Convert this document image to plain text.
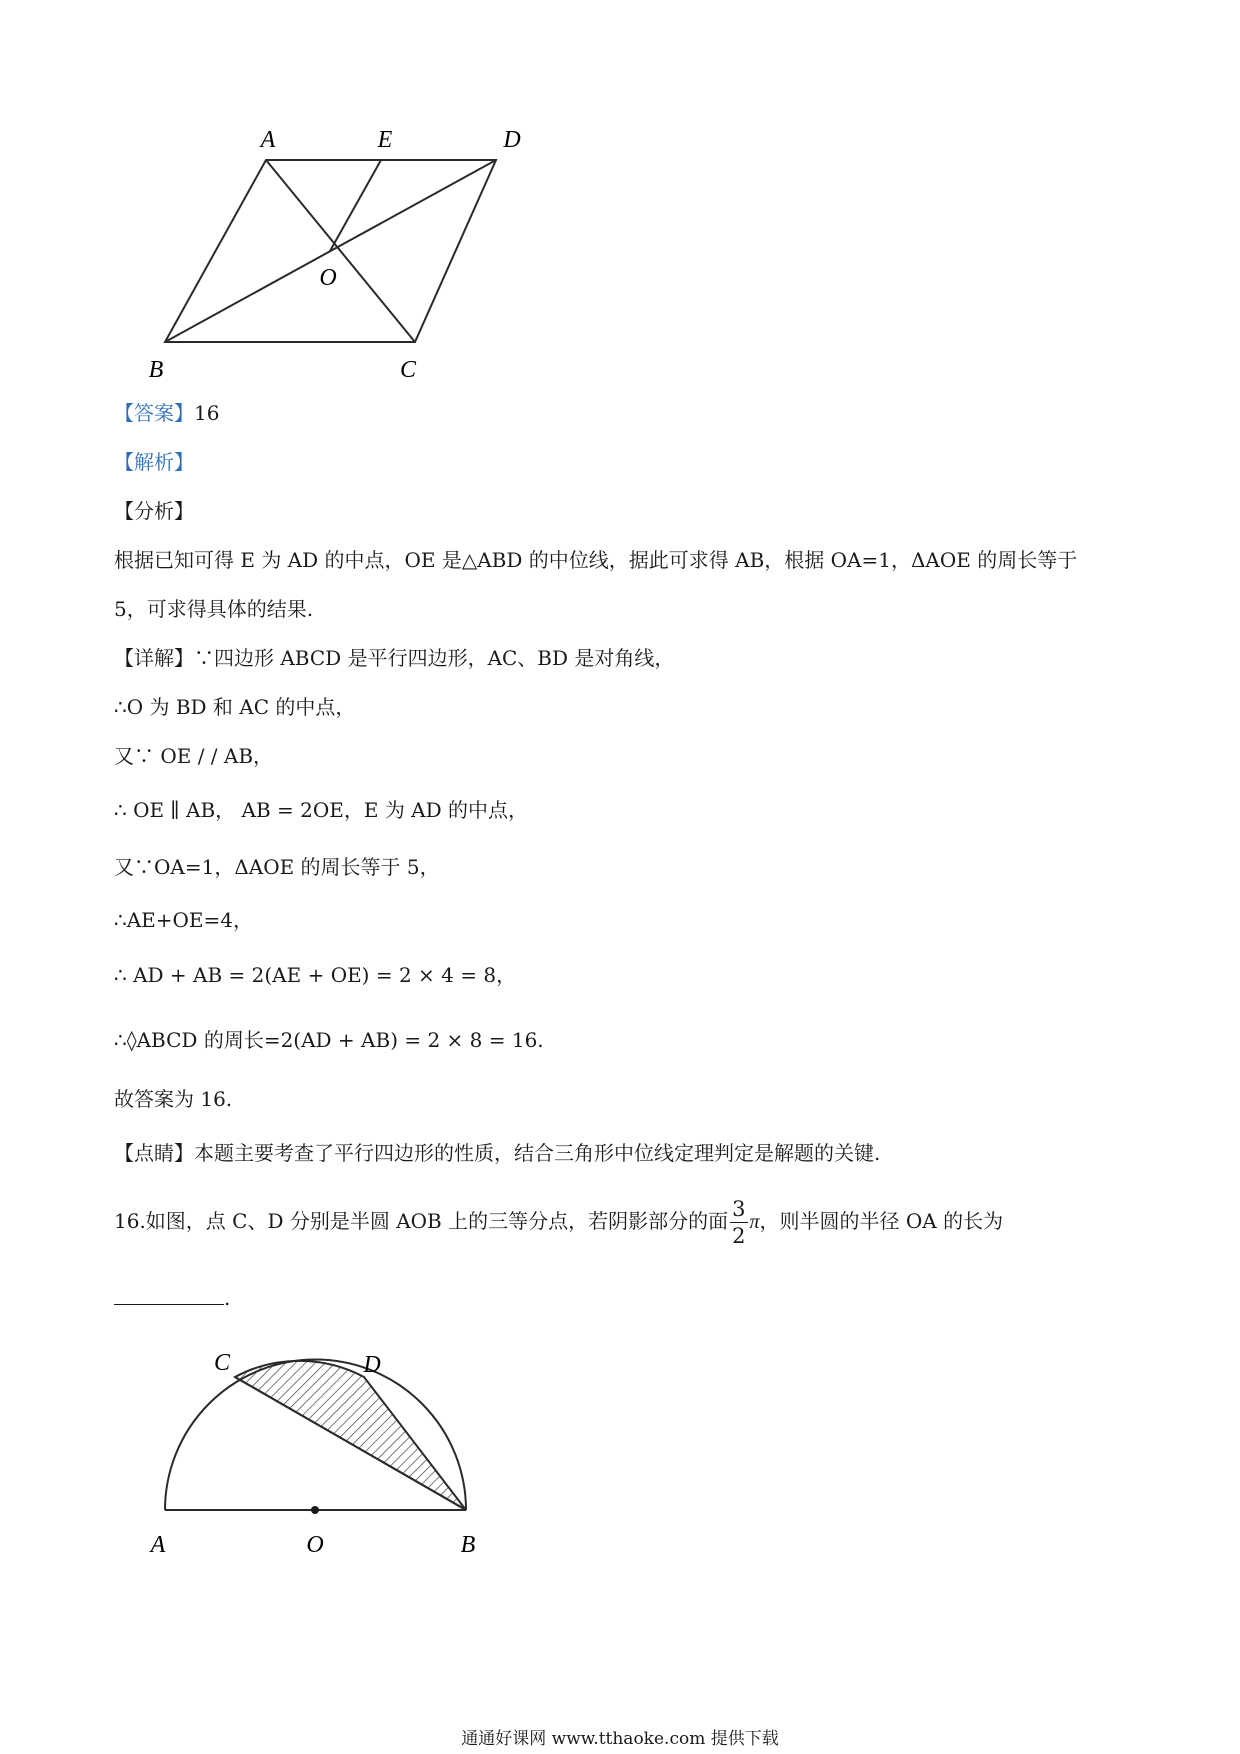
A	E	D
O
B	C
【答案】16
【解析】
【分析】
根据已知可得 E 为 AD 的中点，OE 是△ABD 的中位线，据此可求得 AB，根据 OA=1，ΔAOE 的周长等于
5，可求得具体的结果.
【详解】∵四边形 ABCD 是平行四边形，AC、BD 是对角线，
∴O 为 BD 和 AC 的中点，
又∵ OE / / AB，
∴ OE ∥ AB， AB = 2OE，E 为 AD 的中点，
又∵OA=1，ΔAOE 的周长等于 5，
∴AE+OE=4，
∴ AD + AB = 2(AE + OE) = 2 × 4 = 8，
∴◊ABCD 的周长=2(AD + AB) = 2 × 8 = 16.
故答案为 16.
【点睛】本题主要考查了平行四边形的性质，结合三角形中位线定理判定是解题的关键.
16.如图，点 C、D 分别是半圆 AOB 上的三等分点，若阴影部分的面 $\frac{3}{2}$ π，则半圆的半径 OA 的长为
.
C	D
A	O	B
通通好课网 www.tthaoke.com 提供下载
